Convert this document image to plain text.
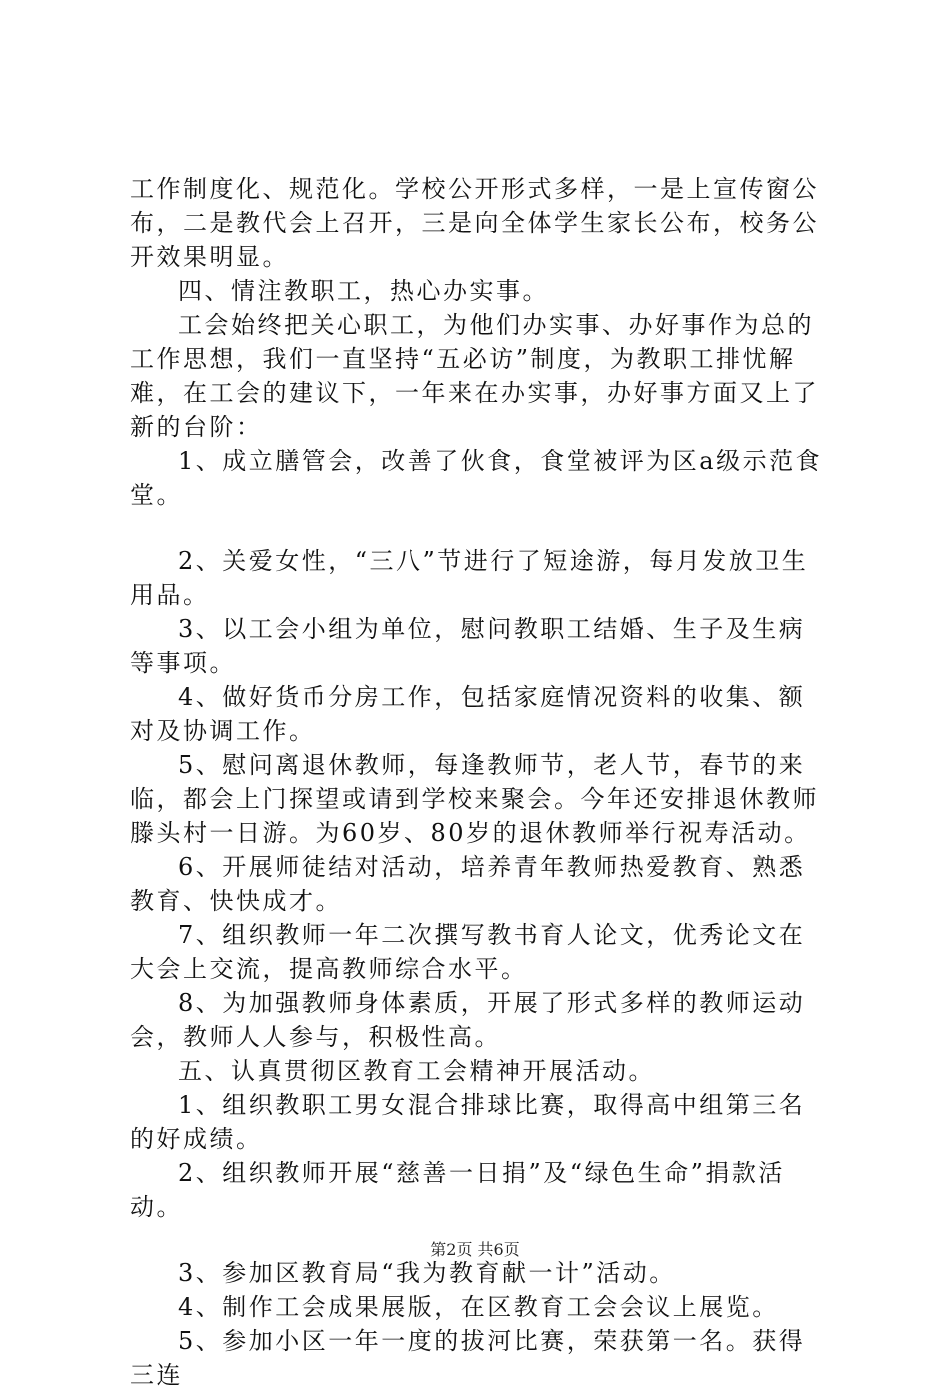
工作制度化、规范化。学校公开形式多样，一是上宣传窗公布，二是教代会上召开，三是向全体学生家长公布，校务公开效果明显。

四、情注教职工，热心办实事。

工会始终把关心职工，为他们办实事、办好事作为总的工作思想，我们一直坚持“五必访”制度，为教职工排忧解难，在工会的建议下，一年来在办实事，办好事方面又上了新的台阶：

1、成立膳管会，改善了伙食，食堂被评为区a级示范食堂。

2、关爱女性，“三八”节进行了短途游，每月发放卫生用品。

3、以工会小组为单位，慰问教职工结婚、生子及生病等事项。

4、做好货币分房工作，包括家庭情况资料的收集、额对及协调工作。

5、慰问离退休教师，每逢教师节，老人节，春节的来临，都会上门探望或请到学校来聚会。今年还安排退休教师滕头村一日游。为60岁、80岁的退休教师举行祝寿活动。

6、开展师徒结对活动，培养青年教师热爱教育、熟悉教育、快快成才。

7、组织教师一年二次撰写教书育人论文，优秀论文在大会上交流，提高教师综合水平。

8、为加强教师身体素质，开展了形式多样的教师运动会，教师人人参与，积极性高。

五、认真贯彻区教育工会精神开展活动。

1、组织教职工男女混合排球比赛，取得高中组第三名的好成绩。

2、组织教师开展“慈善一日捐”及“绿色生命”捐款活动。

3、参加区教育局“我为教育献一计”活动。

4、制作工会成果展版，在区教育工会会议上展览。

5、参加小区一年一度的拔河比赛，荣获第一名。获得三连

第2页 共6页
